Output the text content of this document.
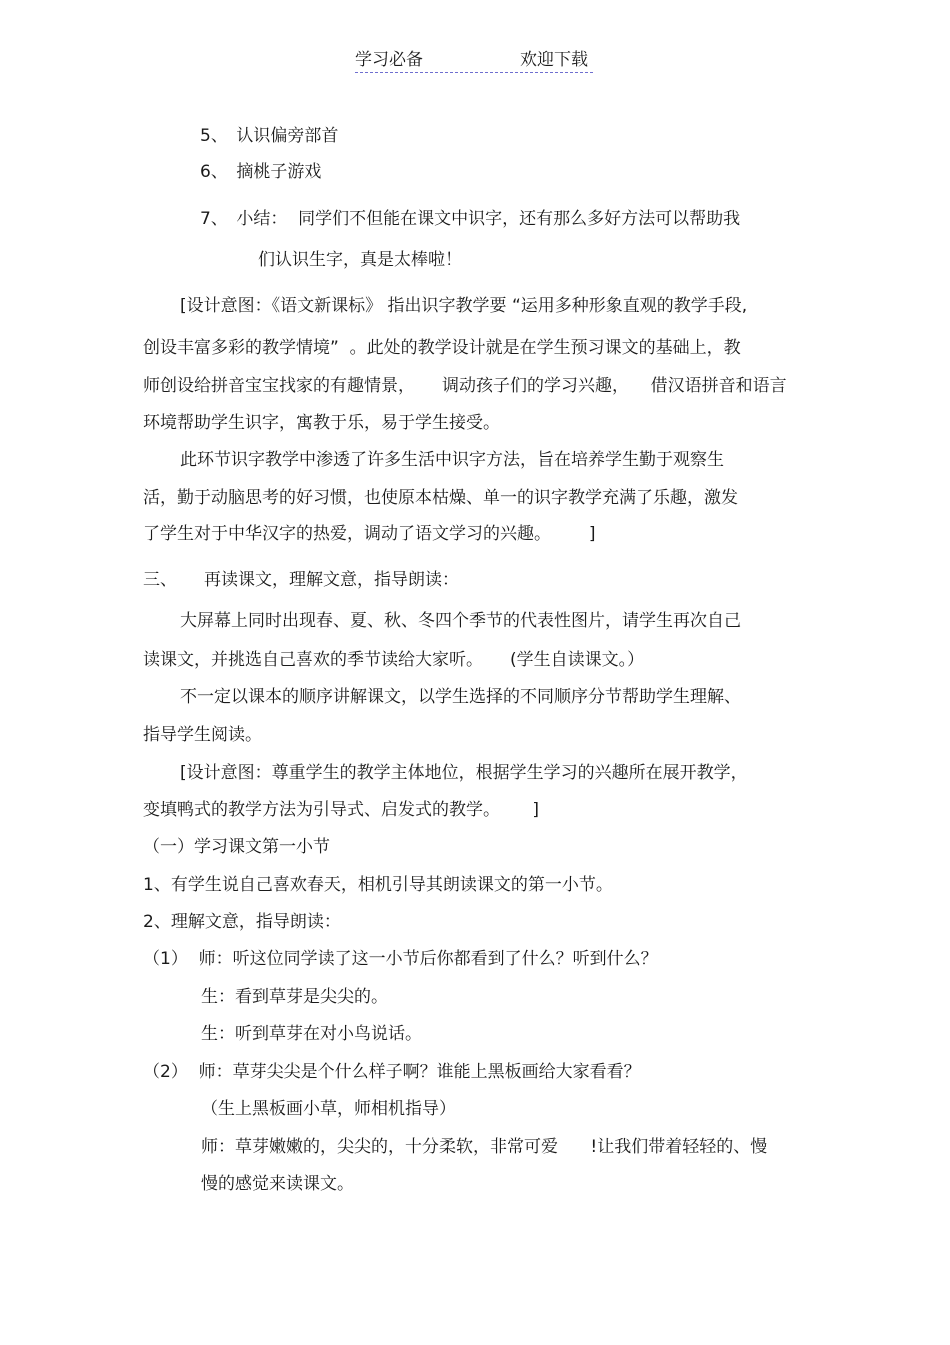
学习必备	欢迎下载
5、　认识偏旁部首
6、　摘桃子游戏
7、　小结：  同学们不但能在课文中识字，还有那么多好方法可以帮助我
们认识生字，真是太棒啦！
[设计意图：《语文新课标》 指出识字教学要 “运用多种形象直观的教学手段,
创设丰富多彩的教学情境”  。此处的教学设计就是在学生预习课文的基础上，教
师创设给拼音宝宝找家的有趣情景，     调动孩子们的学习兴趣，    借汉语拼音和语言
环境帮助学生识字，寓教于乐，易于学生接受。
此环节识字教学中渗透了许多生活中识字方法，旨在培养学生勤于观察生
活，勤于动脑思考的好习惯，也使原本枯燥、单一的识字教学充满了乐趣，激发
了学生对于中华汉字的热爱，调动了语文学习的兴趣。       ]
三、     再读课文，理解文意，指导朗读：
大屏幕上同时出现春、夏、秋、冬四个季节的代表性图片，请学生再次自己
读课文，并挑选自己喜欢的季节读给大家听。     (学生自读课文。）
不一定以课本的顺序讲解课文，以学生选择的不同顺序分节帮助学生理解、
指导学生阅读。
[设计意图：尊重学生的教学主体地位，根据学生学习的兴趣所在展开教学，
变填鸭式的教学方法为引导式、启发式的教学。      ]
（一）学习课文第一小节
1、有学生说自己喜欢春天，相机引导其朗读课文的第一小节。
2、理解文意，指导朗读：
（1）  师：听这位同学读了这一小节后你都看到了什么？听到什么？
生：看到草芽是尖尖的。
生：听到草芽在对小鸟说话。
（2）  师：草芽尖尖是个什么样子啊？谁能上黑板画给大家看看？
（生上黑板画小草，师相机指导）
师：草芽嫩嫩的，尖尖的，十分柔软，非常可爱      !让我们带着轻轻的、慢
慢的感觉来读课文。
